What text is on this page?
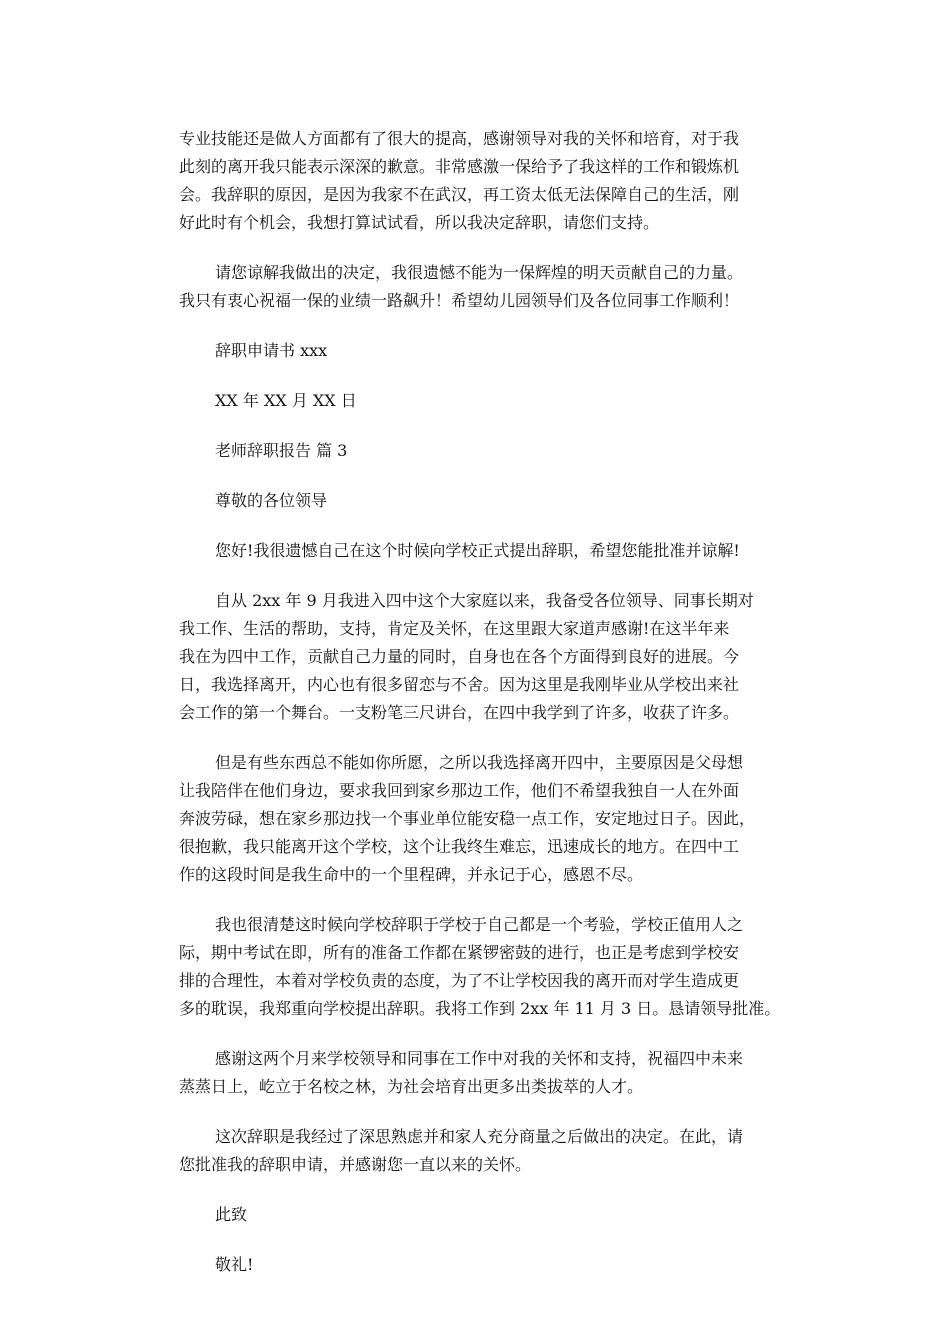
专业技能还是做人方面都有了很大的提高，感谢领导对我的关怀和培育，对于我
此刻的离开我只能表示深深的歉意。非常感激一保给予了我这样的工作和锻炼机
会。我辞职的原因，是因为我家不在武汉，再工资太低无法保障自己的生活，刚
好此时有个机会，我想打算试试看，所以我决定辞职，请您们支持。
请您谅解我做出的决定，我很遗憾不能为一保辉煌的明天贡献自己的力量。
我只有衷心祝福一保的业绩一路飙升！希望幼儿园领导们及各位同事工作顺利！
辞职申请书 xxx
XX 年 XX 月 XX 日
老师辞职报告 篇 3
尊敬的各位领导
您好!我很遗憾自己在这个时候向学校正式提出辞职，希望您能批准并谅解!
自从 2xx 年 9 月我进入四中这个大家庭以来，我备受各位领导、同事长期对
我工作、生活的帮助，支持，肯定及关怀，在这里跟大家道声感谢!在这半年来
我在为四中工作，贡献自己力量的同时，自身也在各个方面得到良好的进展。今
日，我选择离开，内心也有很多留恋与不舍。因为这里是我刚毕业从学校出来社
会工作的第一个舞台。一支粉笔三尺讲台，在四中我学到了许多，收获了许多。
但是有些东西总不能如你所愿，之所以我选择离开四中，主要原因是父母想
让我陪伴在他们身边，要求我回到家乡那边工作，他们不希望我独自一人在外面
奔波劳碌，想在家乡那边找一个事业单位能安稳一点工作，安定地过日子。因此，
很抱歉，我只能离开这个学校，这个让我终生难忘，迅速成长的地方。在四中工
作的这段时间是我生命中的一个里程碑，并永记于心，感恩不尽。
我也很清楚这时候向学校辞职于学校于自己都是一个考验，学校正值用人之
际，期中考试在即，所有的准备工作都在紧锣密鼓的进行，也正是考虑到学校安
排的合理性，本着对学校负责的态度，为了不让学校因我的离开而对学生造成更
多的耽误，我郑重向学校提出辞职。我将工作到 2xx 年 11 月 3 日。恳请领导批准。
感谢这两个月来学校领导和同事在工作中对我的关怀和支持，祝福四中未来
蒸蒸日上，屹立于名校之林，为社会培育出更多出类拔萃的人才。
这次辞职是我经过了深思熟虑并和家人充分商量之后做出的决定。在此，请
您批准我的辞职申请，并感谢您一直以来的关怀。
此致
敬礼!
